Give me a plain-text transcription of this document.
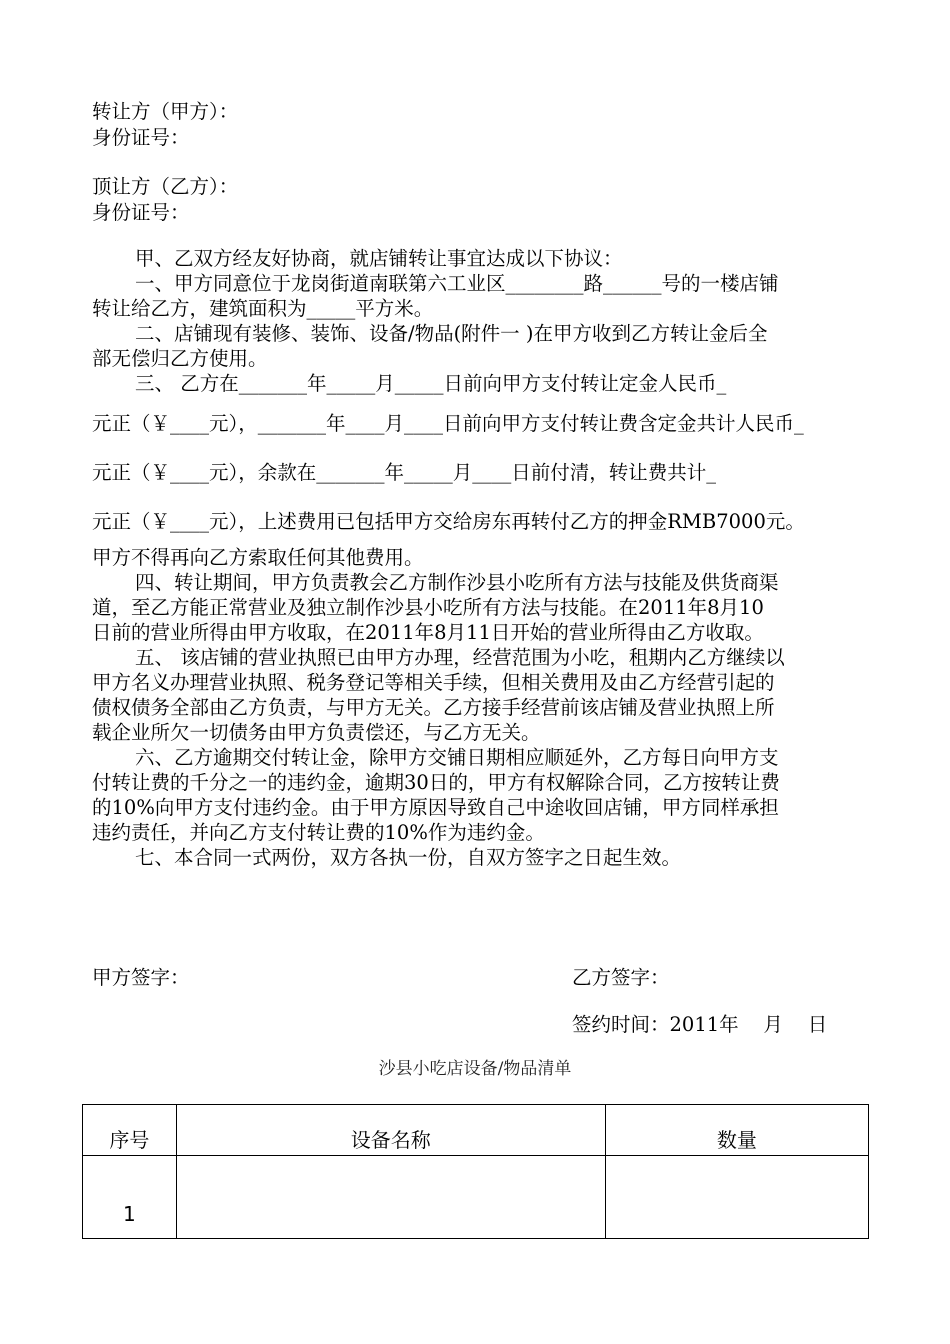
转让方（甲方）：
身份证号：
顶让方（乙方）：
身份证号：
甲、乙双方经友好协商，就店铺转让事宜达成以下协议：
一、甲方同意位于龙岗街道南联第六工业区________路______号的一楼店铺
转让给乙方，建筑面积为_____平方米。
二、店铺现有装修、装饰、设备/物品(附件一 )在甲方收到乙方转让金后全
部无偿归乙方使用。
三、 乙方在_______年_____月_____日前向甲方支付转让定金人民币_
元正（￥____元），_______年____月____日前向甲方支付转让费含定金共计人民币_
元正（￥____元），余款在_______年_____月____日前付清，转让费共计_
元正（￥____元），上述费用已包括甲方交给房东再转付乙方的押金RMB7000元。
甲方不得再向乙方索取任何其他费用。
四、转让期间，甲方负责教会乙方制作沙县小吃所有方法与技能及供货商渠
道，至乙方能正常营业及独立制作沙县小吃所有方法与技能。在2011年8月10
日前的营业所得由甲方收取，在2011年8月11日开始的营业所得由乙方收取。
五、 该店铺的营业执照已由甲方办理，经营范围为小吃，租期内乙方继续以
甲方名义办理营业执照、税务登记等相关手续，但相关费用及由乙方经营引起的
债权债务全部由乙方负责，与甲方无关。乙方接手经营前该店铺及营业执照上所
载企业所欠一切债务由甲方负责偿还，与乙方无关。
六、乙方逾期交付转让金，除甲方交铺日期相应顺延外，乙方每日向甲方支
付转让费的千分之一的违约金，逾期30日的，甲方有权解除合同，乙方按转让费
的10%向甲方支付违约金。由于甲方原因导致自己中途收回店铺，甲方同样承担
违约责任，并向乙方支付转让费的10%作为违约金。
七、本合同一式两份，双方各执一份，自双方签字之日起生效。
甲方签字：	乙方签字：
签约时间：2011年    月    日
沙县小吃店设备/物品清单
序号	设备名称	数量
1		
